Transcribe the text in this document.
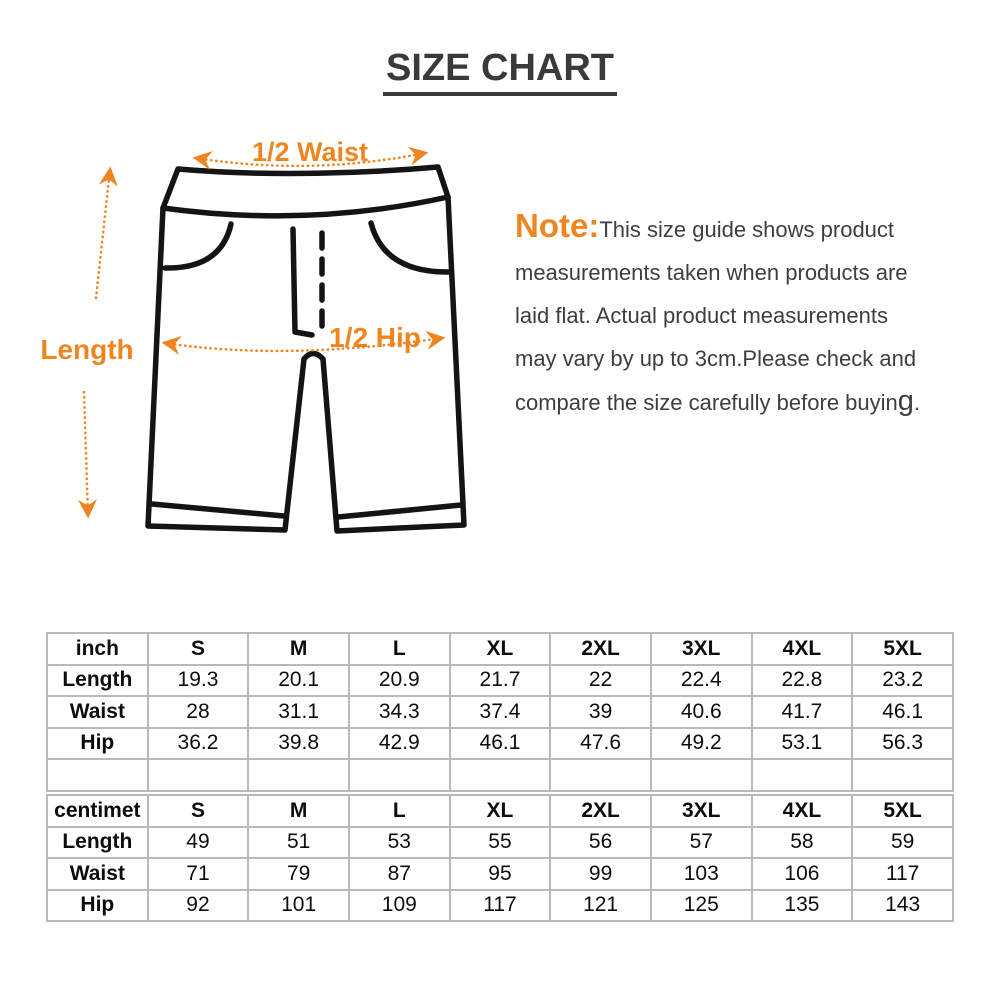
SIZE CHART
1/2 Waist
Length	1/2 Hip
Note:This size guide shows product
measurements taken when products are
laid flat. Actual product measurements
may vary by up to 3cm.Please check and
compare the size carefully before buying.
inch	S	M	L	XL	2XL	3XL	4XL	5XL
Length	19.3	20.1	20.9	21.7	22	22.4	22.8	23.2
Waist	28	31.1	34.3	37.4	39	40.6	41.7	46.1
Hip	36.2	39.8	42.9	46.1	47.6	49.2	53.1	56.3

centimet	S	M	L	XL	2XL	3XL	4XL	5XL
Length	49	51	53	55	56	57	58	59
Waist	71	79	87	95	99	103	106	117
Hip	92	101	109	117	121	125	135	143
